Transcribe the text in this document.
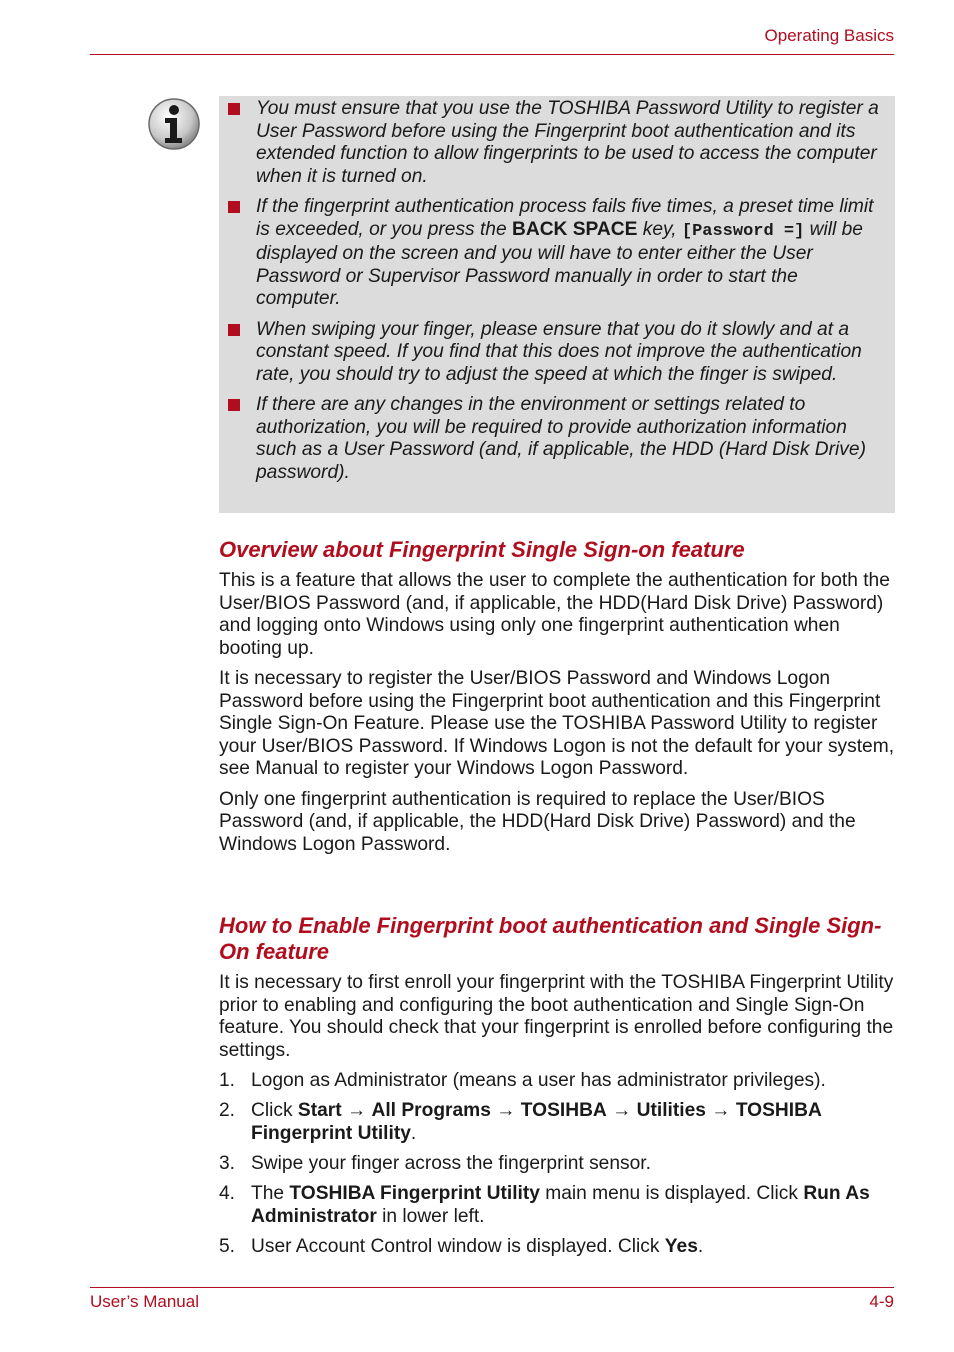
Operating Basics
You must ensure that you use the TOSHIBA Password Utility to register a User Password before using the Fingerprint boot authentication and its extended function to allow fingerprints to be used to access the computer when it is turned on.
If the fingerprint authentication process fails five times, a preset time limit is exceeded, or you press the BACK SPACE key, [Password =] will be displayed on the screen and you will have to enter either the User Password or Supervisor Password manually in order to start the computer.
When swiping your finger, please ensure that you do it slowly and at a constant speed. If you find that this does not improve the authentication rate, you should try to adjust the speed at which the finger is swiped.
If there are any changes in the environment or settings related to authorization, you will be required to provide authorization information such as a User Password (and, if applicable, the HDD (Hard Disk Drive) password).
Overview about Fingerprint Single Sign-on feature

This is a feature that allows the user to complete the authentication for both the User/BIOS Password (and, if applicable, the HDD(Hard Disk Drive) Password) and logging onto Windows using only one fingerprint authentication when booting up.

It is necessary to register the User/BIOS Password and Windows Logon Password before using the Fingerprint boot authentication and this Fingerprint Single Sign-On Feature. Please use the TOSHIBA Password Utility to register your User/BIOS Password. If Windows Logon is not the default for your system, see Manual to register your Windows Logon Password.

Only one fingerprint authentication is required to replace the User/BIOS Password (and, if applicable, the HDD(Hard Disk Drive) Password) and the Windows Logon Password.

How to Enable Fingerprint boot authentication and Single Sign-On feature

It is necessary to first enroll your fingerprint with the TOSHIBA Fingerprint Utility prior to enabling and configuring the boot authentication and Single Sign-On feature. You should check that your fingerprint is enrolled before configuring the settings.

1. Logon as Administrator (means a user has administrator privileges).
2. Click Start → All Programs → TOSIHBA → Utilities → TOSHIBA Fingerprint Utility.
3. Swipe your finger across the fingerprint sensor.
4. The TOSHIBA Fingerprint Utility main menu is displayed. Click Run As Administrator in lower left.
5. User Account Control window is displayed. Click Yes.
User’s Manual	4-9
